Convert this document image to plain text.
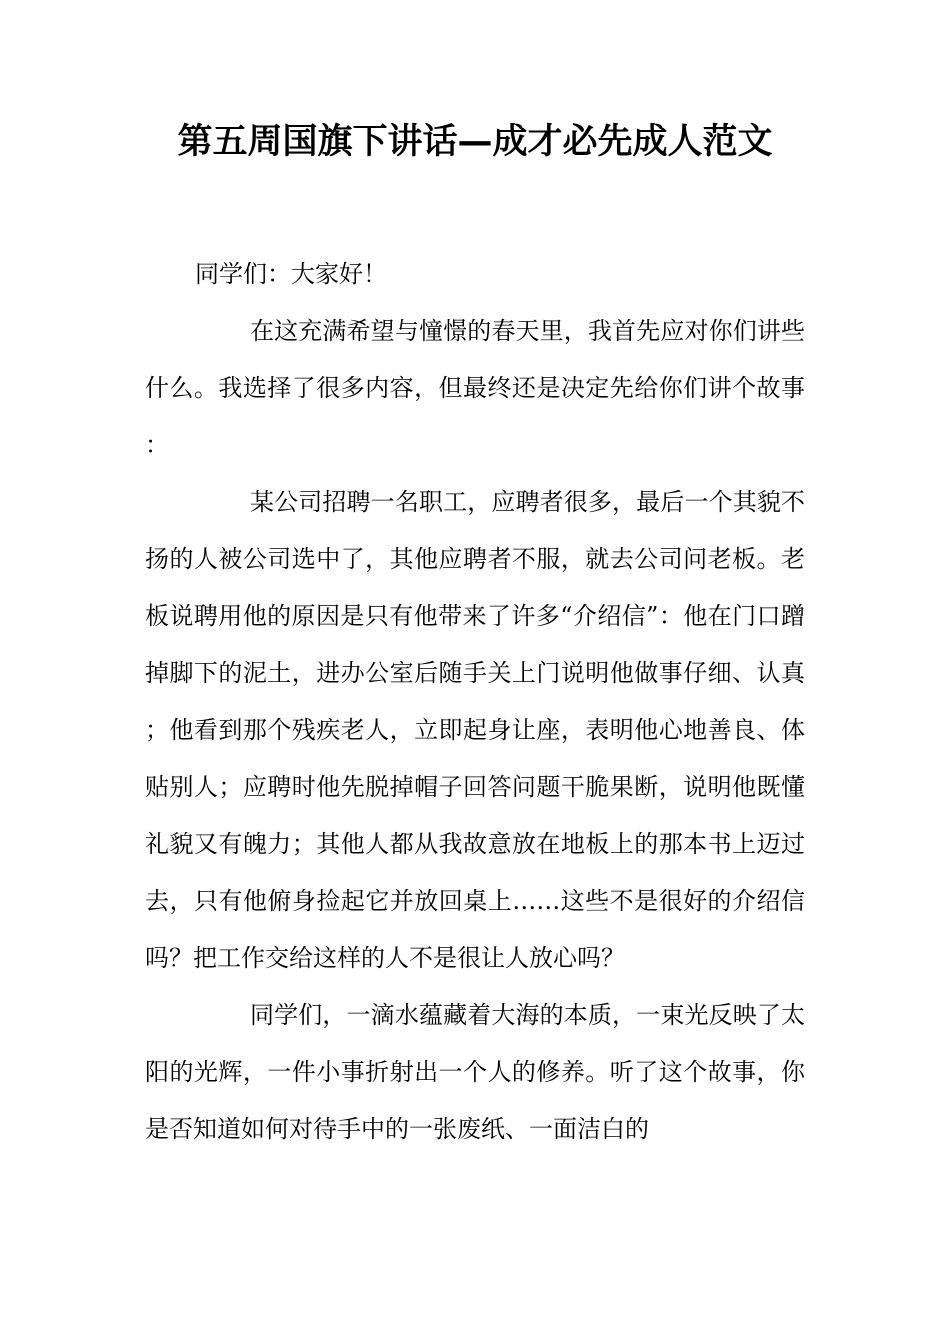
第五周国旗下讲话—成才必先成人范文

同学们：大家好！

在这充满希望与憧憬的春天里，我首先应对你们讲些什么。我选择了很多内容，但最终还是决定先给你们讲个故事：

某公司招聘一名职工，应聘者很多，最后一个其貌不扬的人被公司选中了，其他应聘者不服，就去公司问老板。老板说聘用他的原因是只有他带来了许多“介绍信”：他在门口蹭掉脚下的泥土，进办公室后随手关上门说明他做事仔细、认真；他看到那个残疾老人，立即起身让座，表明他心地善良、体贴别人；应聘时他先脱掉帽子回答问题干脆果断，说明他既懂礼貌又有魄力；其他人都从我故意放在地板上的那本书上迈过去，只有他俯身捡起它并放回桌上……这些不是很好的介绍信吗？把工作交给这样的人不是很让人放心吗？

同学们，一滴水蕴藏着大海的本质，一束光反映了太阳的光辉，一件小事折射出一个人的修养。听了这个故事，你是否知道如何对待手中的一张废纸、一面洁白的
